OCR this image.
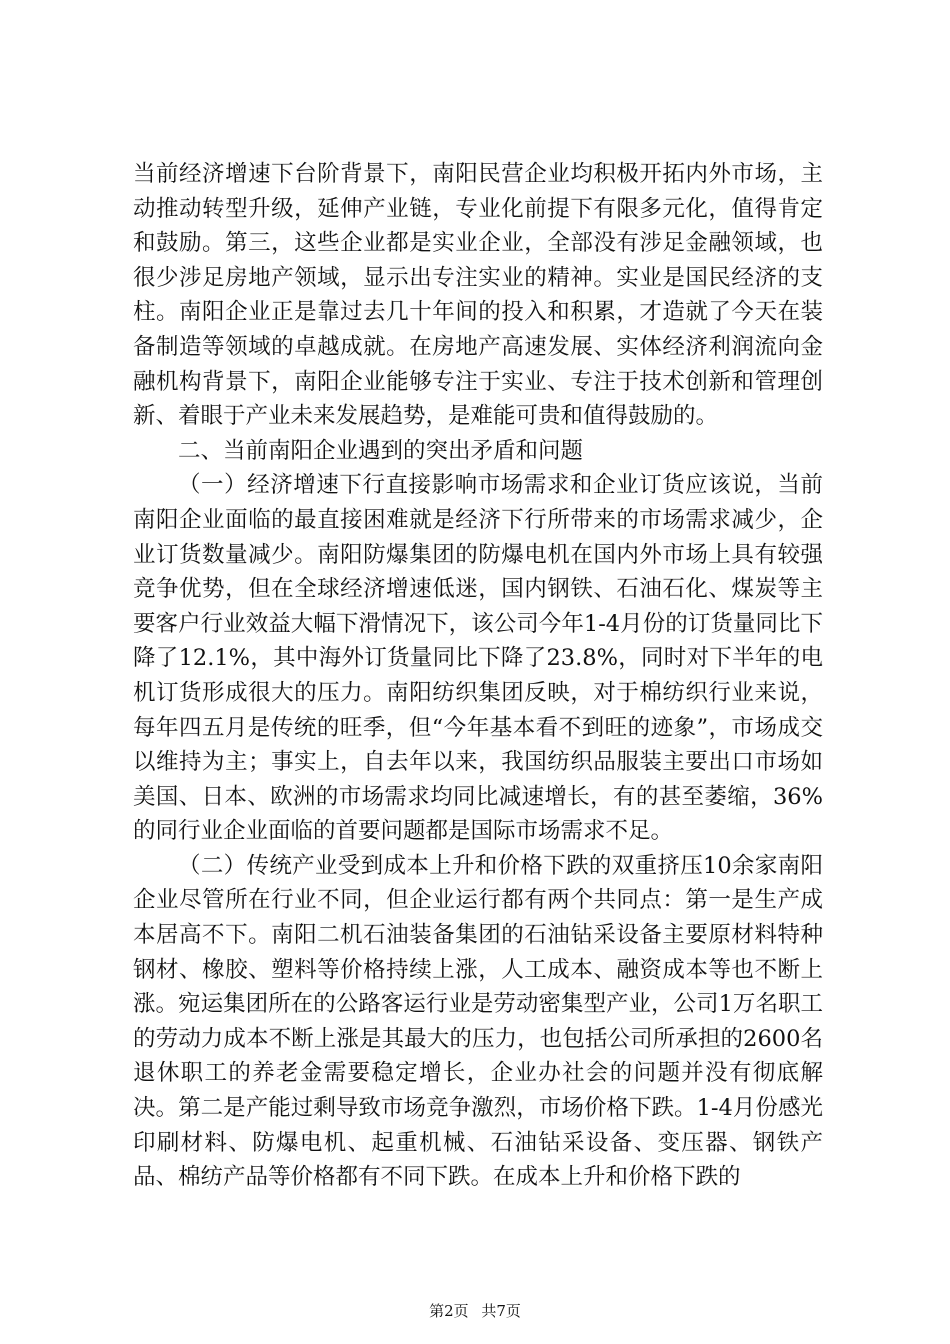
当前经济增速下台阶背景下，南阳民营企业均积极开拓内外市场，主动推动转型升级，延伸产业链，专业化前提下有限多元化，值得肯定和鼓励。第三，这些企业都是实业企业，全部没有涉足金融领域，也很少涉足房地产领域，显示出专注实业的精神。实业是国民经济的支柱。南阳企业正是靠过去几十年间的投入和积累，才造就了今天在装备制造等领域的卓越成就。在房地产高速发展、实体经济利润流向金融机构背景下，南阳企业能够专注于实业、专注于技术创新和管理创新、着眼于产业未来发展趋势，是难能可贵和值得鼓励的。

二、当前南阳企业遇到的突出矛盾和问题

（一）经济增速下行直接影响市场需求和企业订货应该说，当前南阳企业面临的最直接困难就是经济下行所带来的市场需求减少，企业订货数量减少。南阳防爆集团的防爆电机在国内外市场上具有较强竞争优势，但在全球经济增速低迷，国内钢铁、石油石化、煤炭等主要客户行业效益大幅下滑情况下，该公司今年1-4月份的订货量同比下降了12.1%，其中海外订货量同比下降了23.8%，同时对下半年的电机订货形成很大的压力。南阳纺织集团反映，对于棉纺织行业来说，每年四五月是传统的旺季，但“今年基本看不到旺的迹象”，市场成交以维持为主；事实上，自去年以来，我国纺织品服装主要出口市场如美国、日本、欧洲的市场需求均同比减速增长，有的甚至萎缩，36%的同行业企业面临的首要问题都是国际市场需求不足。

（二）传统产业受到成本上升和价格下跌的双重挤压10余家南阳企业尽管所在行业不同，但企业运行都有两个共同点：第一是生产成本居高不下。南阳二机石油装备集团的石油钻采设备主要原材料特种钢材、橡胶、塑料等价格持续上涨，人工成本、融资成本等也不断上涨。宛运集团所在的公路客运行业是劳动密集型产业，公司1万名职工的劳动力成本不断上涨是其最大的压力，也包括公司所承担的2600名退休职工的养老金需要稳定增长，企业办社会的问题并没有彻底解决。第二是产能过剩导致市场竞争激烈，市场价格下跌。1-4月份感光印刷材料、防爆电机、起重机械、石油钻采设备、变压器、钢铁产品、棉纺产品等价格都有不同下跌。在成本上升和价格下跌的

第2页 共7页
